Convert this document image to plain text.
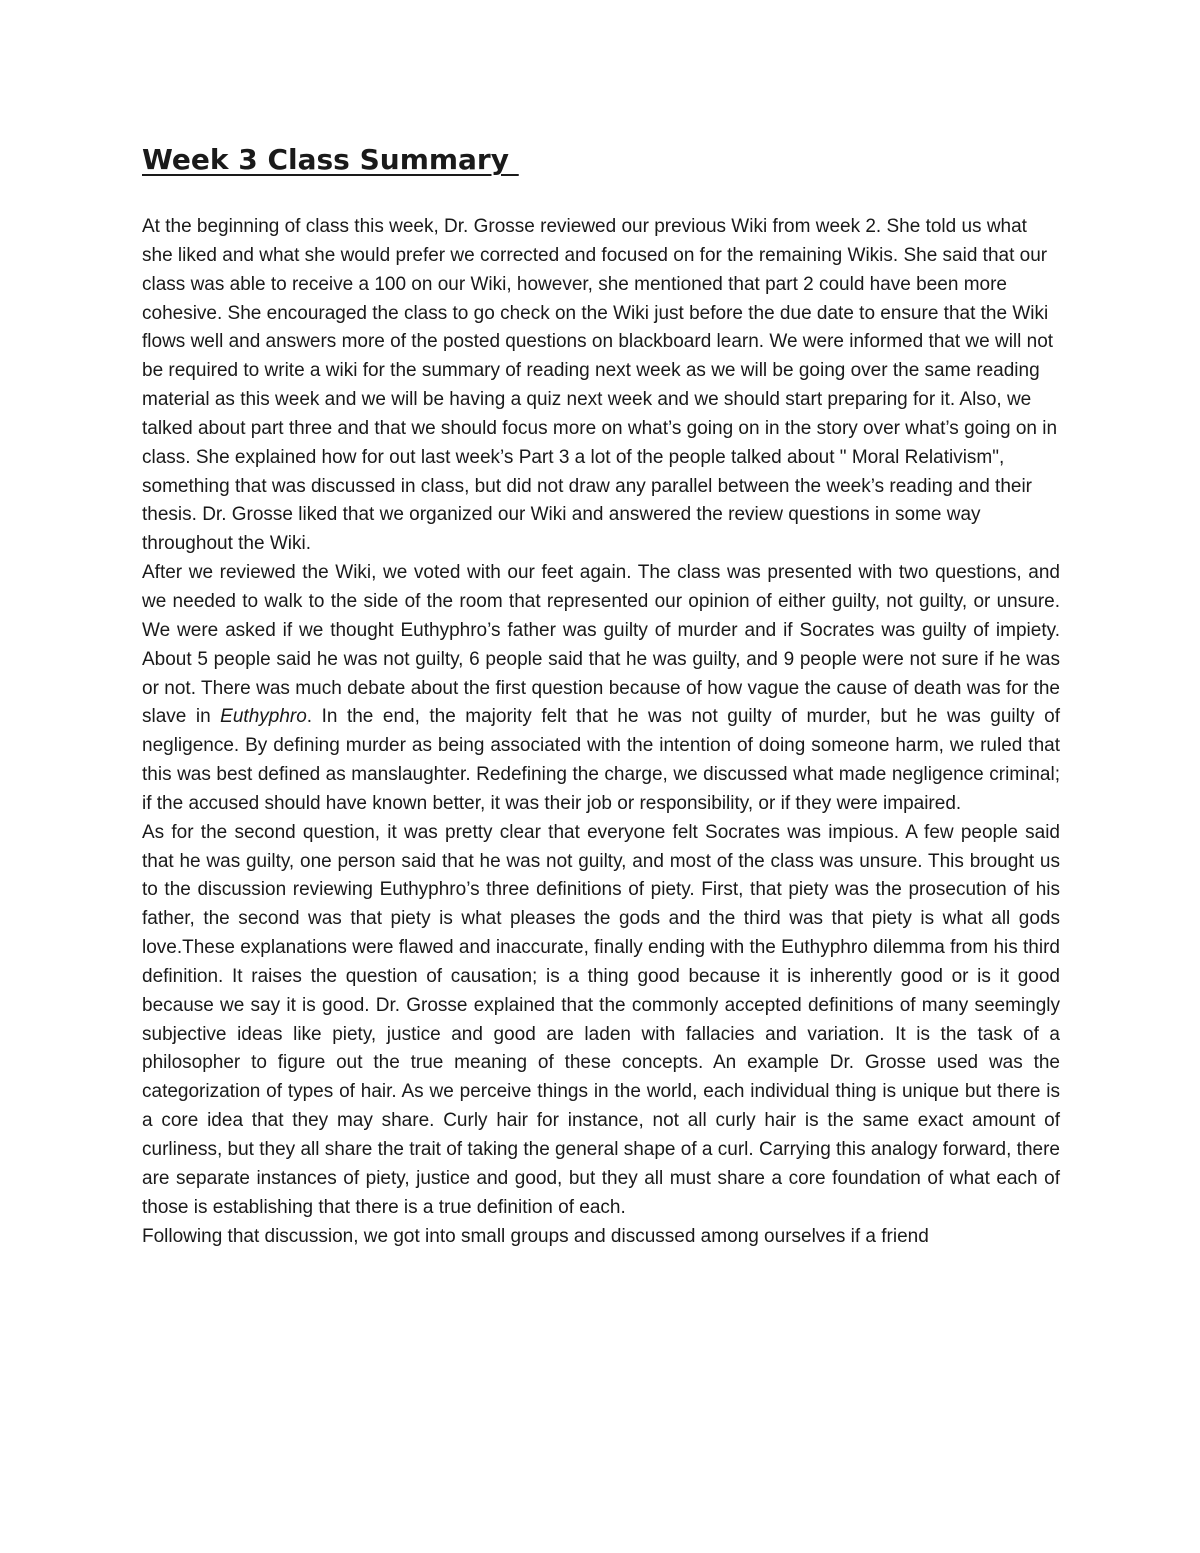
Week 3 Class Summary

At the beginning of class this week, Dr. Grosse reviewed our previous Wiki from week 2. She told us what she liked and what she would prefer we corrected and focused on for the remaining Wikis. She said that our class was able to receive a 100 on our Wiki, however, she mentioned that part 2 could have been more cohesive. She encouraged the class to go check on the Wiki just before the due date to ensure that the Wiki flows well and answers more of the posted questions on blackboard learn. We were informed that we will not be required to write a wiki for the summary of reading next week as we will be going over the same reading material as this week and we will be having a quiz next week and we should start preparing for it. Also, we talked about part three and that we should focus more on what’s going on in the story over what’s going on in class. She explained how for out last week’s Part 3 a lot of the people talked about " Moral Relativism", something that was discussed in class, but did not draw any parallel between the week’s reading and their thesis. Dr. Grosse liked that we organized our Wiki and answered the review questions in some way throughout the Wiki.

After we reviewed the Wiki, we voted with our feet again. The class was presented with two questions, and we needed to walk to the side of the room that represented our opinion of either guilty, not guilty, or unsure. We were asked if we thought Euthyphro’s father was guilty of murder and if Socrates was guilty of impiety. About 5 people said he was not guilty, 6 people said that he was guilty, and 9 people were not sure if he was or not. There was much debate about the first question because of how vague the cause of death was for the slave in Euthyphro. In the end, the majority felt that he was not guilty of murder, but he was guilty of negligence. By defining murder as being associated with the intention of doing someone harm, we ruled that this was best defined as manslaughter. Redefining the charge, we discussed what made negligence criminal; if the accused should have known better, it was their job or responsibility, or if they were impaired.

As for the second question, it was pretty clear that everyone felt Socrates was impious. A few people said that he was guilty, one person said that he was not guilty, and most of the class was unsure. This brought us to the discussion reviewing Euthyphro’s three definitions of piety. First, that piety was the prosecution of his father, the second was that piety is what pleases the gods and the third was that piety is what all gods love.These explanations were flawed and inaccurate, finally ending with the Euthyphro dilemma from his third definition. It raises the question of causation; is a thing good because it is inherently good or is it good because we say it is good. Dr. Grosse explained that the commonly accepted definitions of many seemingly subjective ideas like piety, justice and good are laden with fallacies and variation. It is the task of a philosopher to figure out the true meaning of these concepts. An example Dr. Grosse used was the categorization of types of hair. As we perceive things in the world, each individual thing is unique but there is a core idea that they may share. Curly hair for instance, not all curly hair is the same exact amount of curliness, but they all share the trait of taking the general shape of a curl. Carrying this analogy forward, there are separate instances of piety, justice and good, but they all must share a core foundation of what each of those is establishing that there is a true definition of each.

Following that discussion, we got into small groups and discussed among ourselves if a friend
